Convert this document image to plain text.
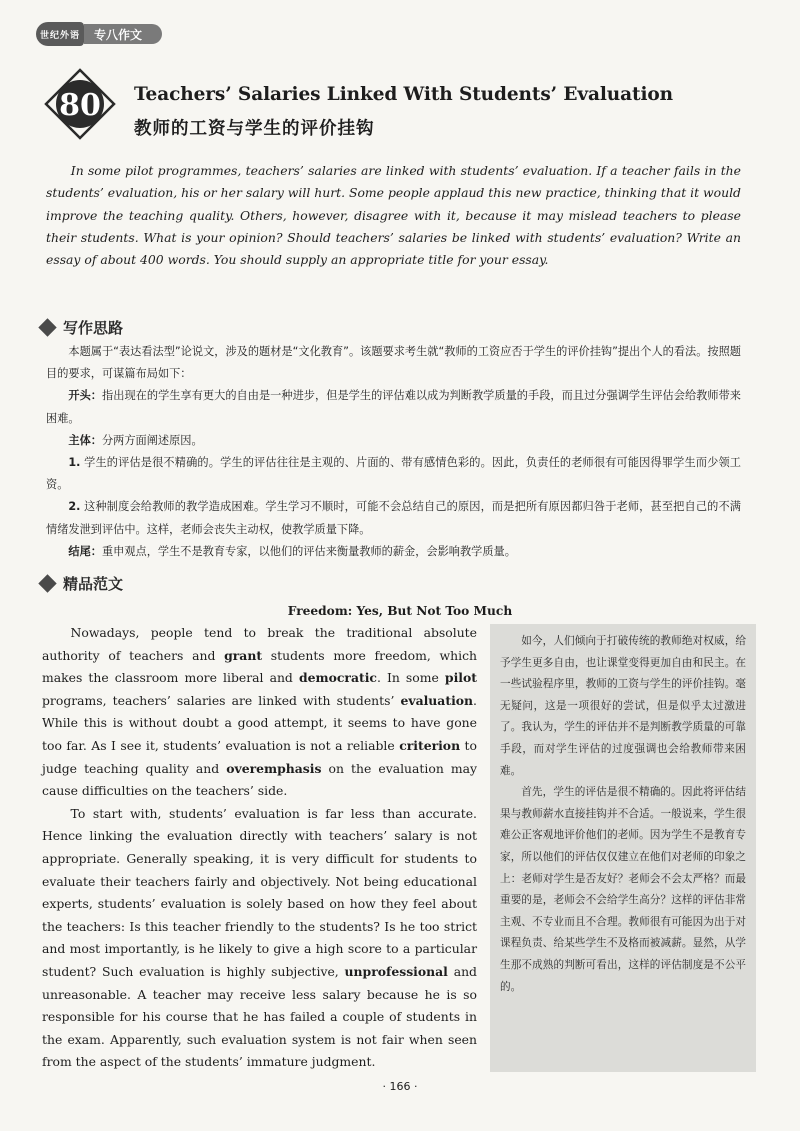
世纪外语	专八作文
80 Teachers’ Salaries Linked With Students’ Evaluation
教师的工资与学生的评价挂钩
In some pilot programmes, teachers’ salaries are linked with students’ evaluation. If a teacher fails in the students’ evaluation, his or her salary will hurt. Some people applaud this new practice, thinking that it would improve the teaching quality. Others, however, disagree with it, because it may mislead teachers to please their students. What is your opinion? Should teachers’ salaries be linked with students’ evaluation? Write an essay of about 400 words. You should supply an appropriate title for your essay.
写作思路

本题属于“表达看法型”论说文，涉及的题材是“文化教育”。该题要求考生就“教师的工资应否于学生的评价挂钩”提出个人的看法。按照题目的要求，可谋篇布局如下：

开头：指出现在的学生享有更大的自由是一种进步，但是学生的评估难以成为判断教学质量的手段，而且过分强调学生评估会给教师带来困难。

主体：分两方面阐述原因。

1. 学生的评估是很不精确的。学生的评估往往是主观的、片面的、带有感情色彩的。因此，负责任的老师很有可能因得罪学生而少领工资。

2. 这种制度会给教师的教学造成困难。学生学习不顺时，可能不会总结自己的原因，而是把所有原因都归咎于老师，甚至把自己的不满情绪发泄到评估中。这样，老师会丧失主动权，使教学质量下降。

结尾：重申观点，学生不是教育专家，以他们的评估来衡量教师的薪金，会影响教学质量。

精品范文
Freedom: Yes, But Not Too Much

Nowadays, people tend to break the traditional absolute authority of teachers and grant students more freedom, which makes the classroom more liberal and democratic. In some pilot programs, teachers’ salaries are linked with students’ evaluation. While this is without doubt a good attempt, it seems to have gone too far. As I see it, students’ evaluation is not a reliable criterion to judge teaching quality and overemphasis on the evaluation may cause difficulties on the teachers’ side.

To start with, students’ evaluation is far less than accurate. Hence linking the evaluation directly with teachers’ salary is not appropriate. Generally speaking, it is very difficult for students to evaluate their teachers fairly and objectively. Not being educational experts, students’ evaluation is solely based on how they feel about the teachers: Is this teacher friendly to the students? Is he too strict and most importantly, is he likely to give a high score to a particular student? Such evaluation is highly subjective, unprofessional and unreasonable. A teacher may receive less salary because he is so responsible for his course that he has failed a couple of students in the exam. Apparently, such evaluation system is not fair when seen from the aspect of the students’ immature judgment.

如今，人们倾向于打破传统的教师绝对权威，给予学生更多自由，也让课堂变得更加自由和民主。在一些试验程序里，教师的工资与学生的评价挂钩。毫无疑问，这是一项很好的尝试，但是似乎太过激进了。我认为，学生的评估并不是判断教学质量的可靠手段，而对学生评估的过度强调也会给教师带来困难。

首先，学生的评估是很不精确的。因此将评估结果与教师薪水直接挂钩并不合适。一般说来，学生很难公正客观地评价他们的老师。因为学生不是教育专家，所以他们的评估仅仅建立在他们对老师的印象之上：老师对学生是否友好？老师会不会太严格？而最重要的是，老师会不会给学生高分？这样的评估非常主观、不专业而且不合理。教师很有可能因为出于对课程负责、给某些学生不及格而被减薪。显然，从学生那不成熟的判断可看出，这样的评估制度是不公平的。

· 166 ·
